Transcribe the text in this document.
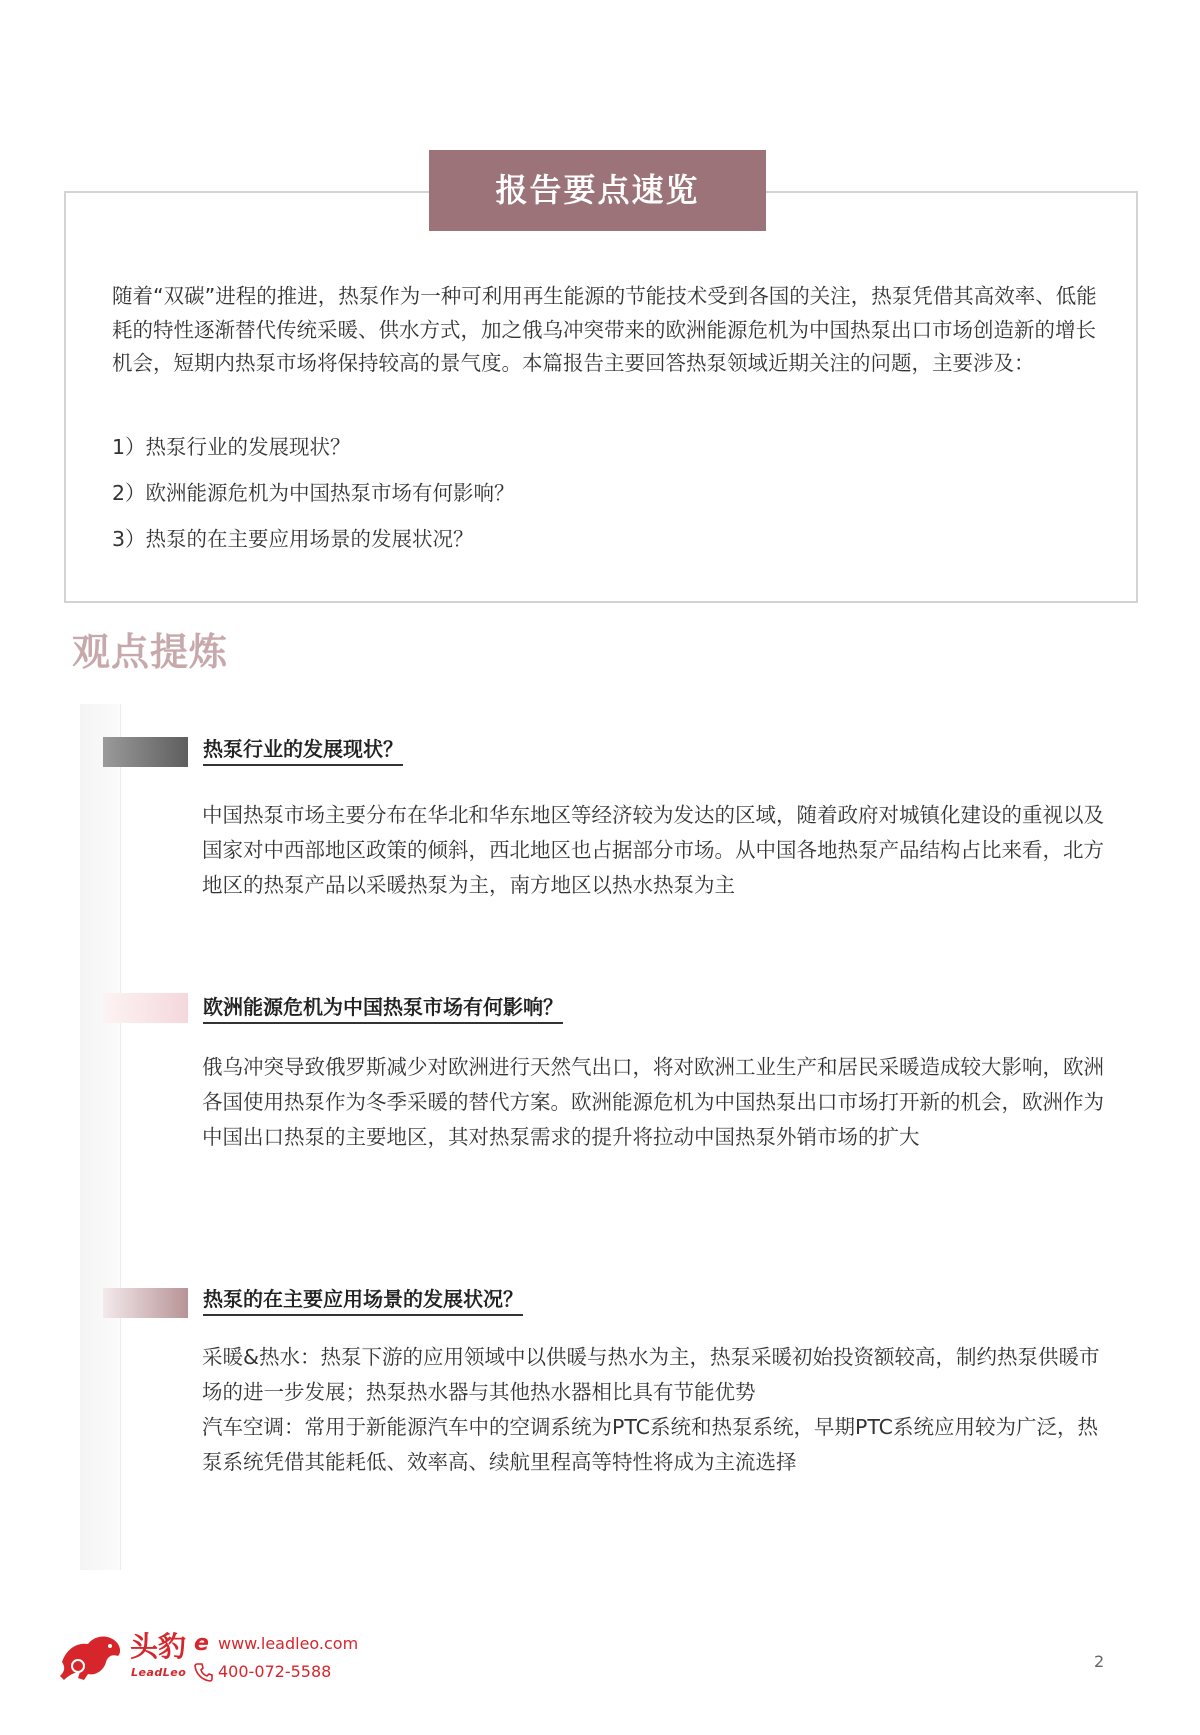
报告要点速览

随着“双碳”进程的推进，热泵作为一种可利用再生能源的节能技术受到各国的关注，热泵凭借其高效率、低能耗的特性逐渐替代传统采暖、供水方式，加之俄乌冲突带来的欧洲能源危机为中国热泵出口市场创造新的增长机会，短期内热泵市场将保持较高的景气度。本篇报告主要回答热泵领域近期关注的问题，主要涉及：

1）热泵行业的发展现状？

2）欧洲能源危机为中国热泵市场有何影响？

3）热泵的在主要应用场景的发展状况？

观点提炼
热泵行业的发展现状？

中国热泵市场主要分布在华北和华东地区等经济较为发达的区域，随着政府对城镇化建设的重视以及国家对中西部地区政策的倾斜，西北地区也占据部分市场。从中国各地热泵产品结构占比来看，北方地区的热泵产品以采暖热泵为主，南方地区以热水热泵为主

欧洲能源危机为中国热泵市场有何影响？

俄乌冲突导致俄罗斯减少对欧洲进行天然气出口，将对欧洲工业生产和居民采暖造成较大影响，欧洲各国使用热泵作为冬季采暖的替代方案。欧洲能源危机为中国热泵出口市场打开新的机会，欧洲作为中国出口热泵的主要地区，其对热泵需求的提升将拉动中国热泵外销市场的扩大

热泵的在主要应用场景的发展状况？

采暖&热水：热泵下游的应用领域中以供暖与热水为主，热泵采暖初始投资额较高，制约热泵供暖市场的进一步发展；热泵热水器与其他热水器相比具有节能优势

汽车空调：常用于新能源汽车中的空调系统为PTC系统和热泵系统，早期PTC系统应用较为广泛，热泵系统凭借其能耗低、效率高、续航里程高等特性将成为主流选择

头豹
LeadLeo
e www.leadleo.com
400-072-5588
2
